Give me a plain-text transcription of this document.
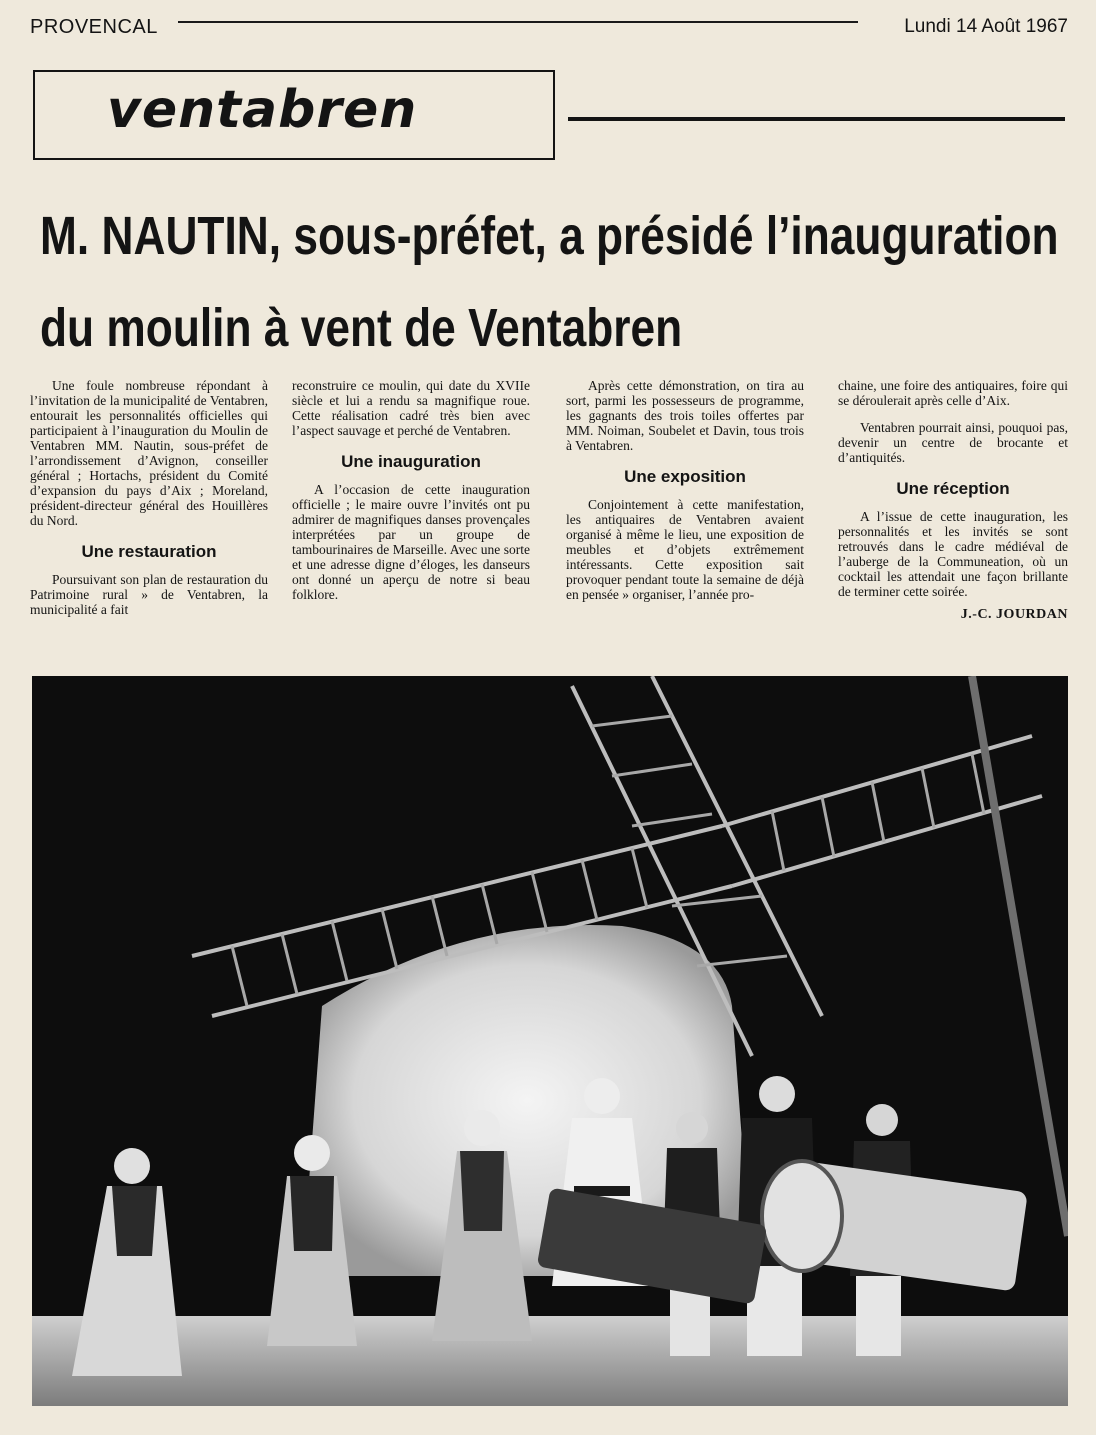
PROVENCAL	Lundi 14 Août 1967
ventabren
M. NAUTIN, sous-préfet, a présidé l’inauguration
du moulin à vent de Ventabren

Une foule nombreuse répondant à l’invitation de la municipalité de Ventabren, entourait les personnalités officielles qui participaient à l’inauguration du Moulin de Ventabren MM. Nautin, sous-préfet de l’arrondissement d’Avignon, conseiller général ; Hortachs, président du Comité d’expansion du pays d’Aix ; Moreland, président-directeur général des Houillères du Nord.

Une restauration

Poursuivant son plan de restauration du Patrimoine rural » de Ventabren, la municipalité a fait

reconstruire ce moulin, qui date du XVIIe siècle et lui a rendu sa magnifique roue. Cette réalisation cadré très bien avec l’aspect sauvage et perché de Ventabren.

Une inauguration

A l’occasion de cette inauguration officielle ; le maire ouvre l’invités ont pu admirer de magnifiques danses provençales interprétées par un groupe de tambourinaires de Marseille. Avec une sorte et une adresse digne d’éloges, les danseurs ont donné un aperçu de notre si beau folklore.

Après cette démonstration, on tira au sort, parmi les possesseurs de programme, les gagnants des trois toiles offertes par MM. Noiman, Soubelet et Davin, tous trois à Ventabren.

Une exposition

Conjointement à cette manifestation, les antiquaires de Ventabren avaient organisé à même le lieu, une exposition de meubles et d’objets extrêmement intéressants. Cette exposition sait provoquer pendant toute la semaine de déjà en pensée » organiser, l’année pro-

chaine, une foire des antiquaires, foire qui se déroulerait après celle d’Aix.

Ventabren pourrait ainsi, pouquoi pas, devenir un centre de brocante et d’antiquités.

Une réception

A l’issue de cette inauguration, les personnalités et les invités se sont retrouvés dans le cadre médiéval de l’auberge de la Communeation, où un cocktail les attendait une façon brillante de terminer cette soirée.

J.-C. JOURDAN
